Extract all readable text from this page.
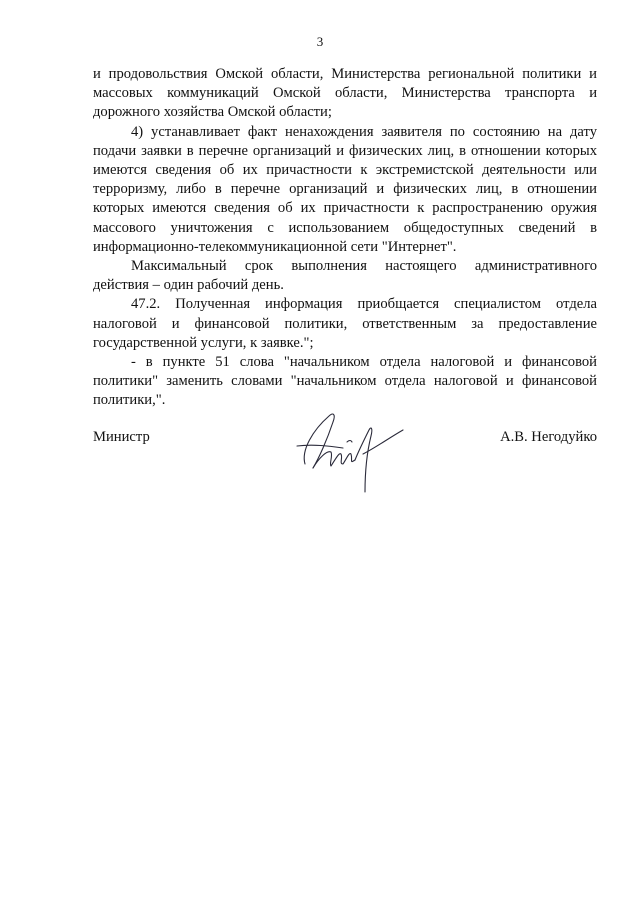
3

и продовольствия Омской области, Министерства региональной политики и массовых коммуникаций Омской области, Министерства транспорта и дорожного хозяйства Омской области;

4) устанавливает факт ненахождения заявителя по состоянию на дату подачи заявки в перечне организаций и физических лиц, в отношении которых имеются сведения об их причастности к экстремистской деятельности или терроризму, либо в перечне организаций и физических лиц, в отношении которых имеются сведения об их причастности к распространению оружия массового уничтожения с использованием общедоступных сведений в информационно-телекоммуникационной сети "Интернет".

Максимальный срок выполнения настоящего административного действия – один рабочий день.

47.2. Полученная информация приобщается специалистом отдела налоговой и финансовой политики, ответственным за предоставление государственной услуги, к заявке.";

- в пункте 51 слова "начальником отдела налоговой и финансовой политики" заменить словами "начальником отдела налоговой и финансовой политики,".

Министр	А.В. Негодуйко
